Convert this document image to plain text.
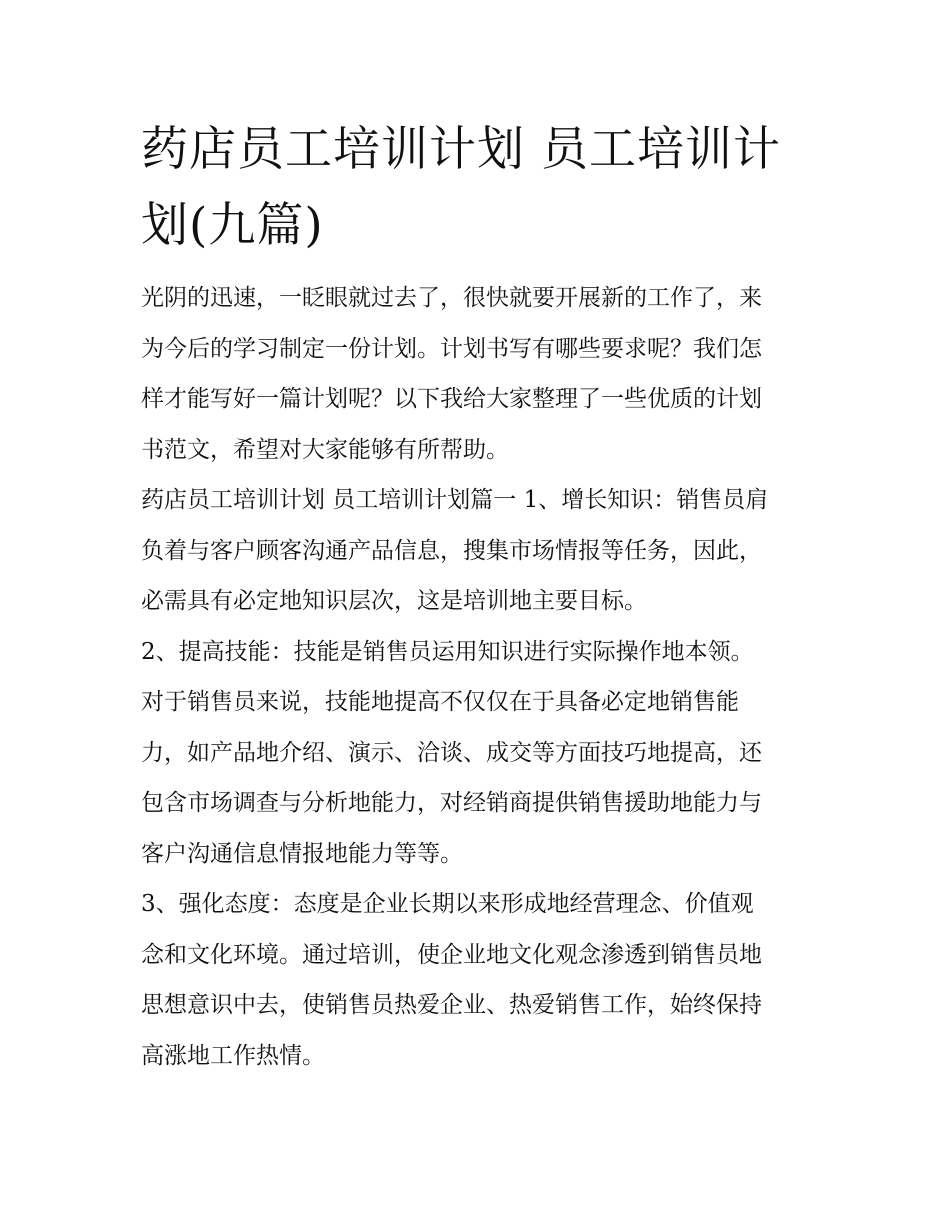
药店员工培训计划 员工培训计
划(九篇)

光阴的迅速，一眨眼就过去了，很快就要开展新的工作了，来
为今后的学习制定一份计划。计划书写有哪些要求呢？我们怎
样才能写好一篇计划呢？以下我给大家整理了一些优质的计划
书范文，希望对大家能够有所帮助。

药店员工培训计划 员工培训计划篇一 1、增长知识：销售员肩
负着与客户顾客沟通产品信息，搜集市场情报等任务，因此，
必需具有必定地知识层次，这是培训地主要目标。

2、提高技能：技能是销售员运用知识进行实际操作地本领。
对于销售员来说，技能地提高不仅仅在于具备必定地销售能
力，如产品地介绍、演示、洽谈、成交等方面技巧地提高，还
包含市场调查与分析地能力，对经销商提供销售援助地能力与
客户沟通信息情报地能力等等。

3、强化态度：态度是企业长期以来形成地经营理念、价值观
念和文化环境。通过培训，使企业地文化观念渗透到销售员地
思想意识中去，使销售员热爱企业、热爱销售工作，始终保持
高涨地工作热情。
